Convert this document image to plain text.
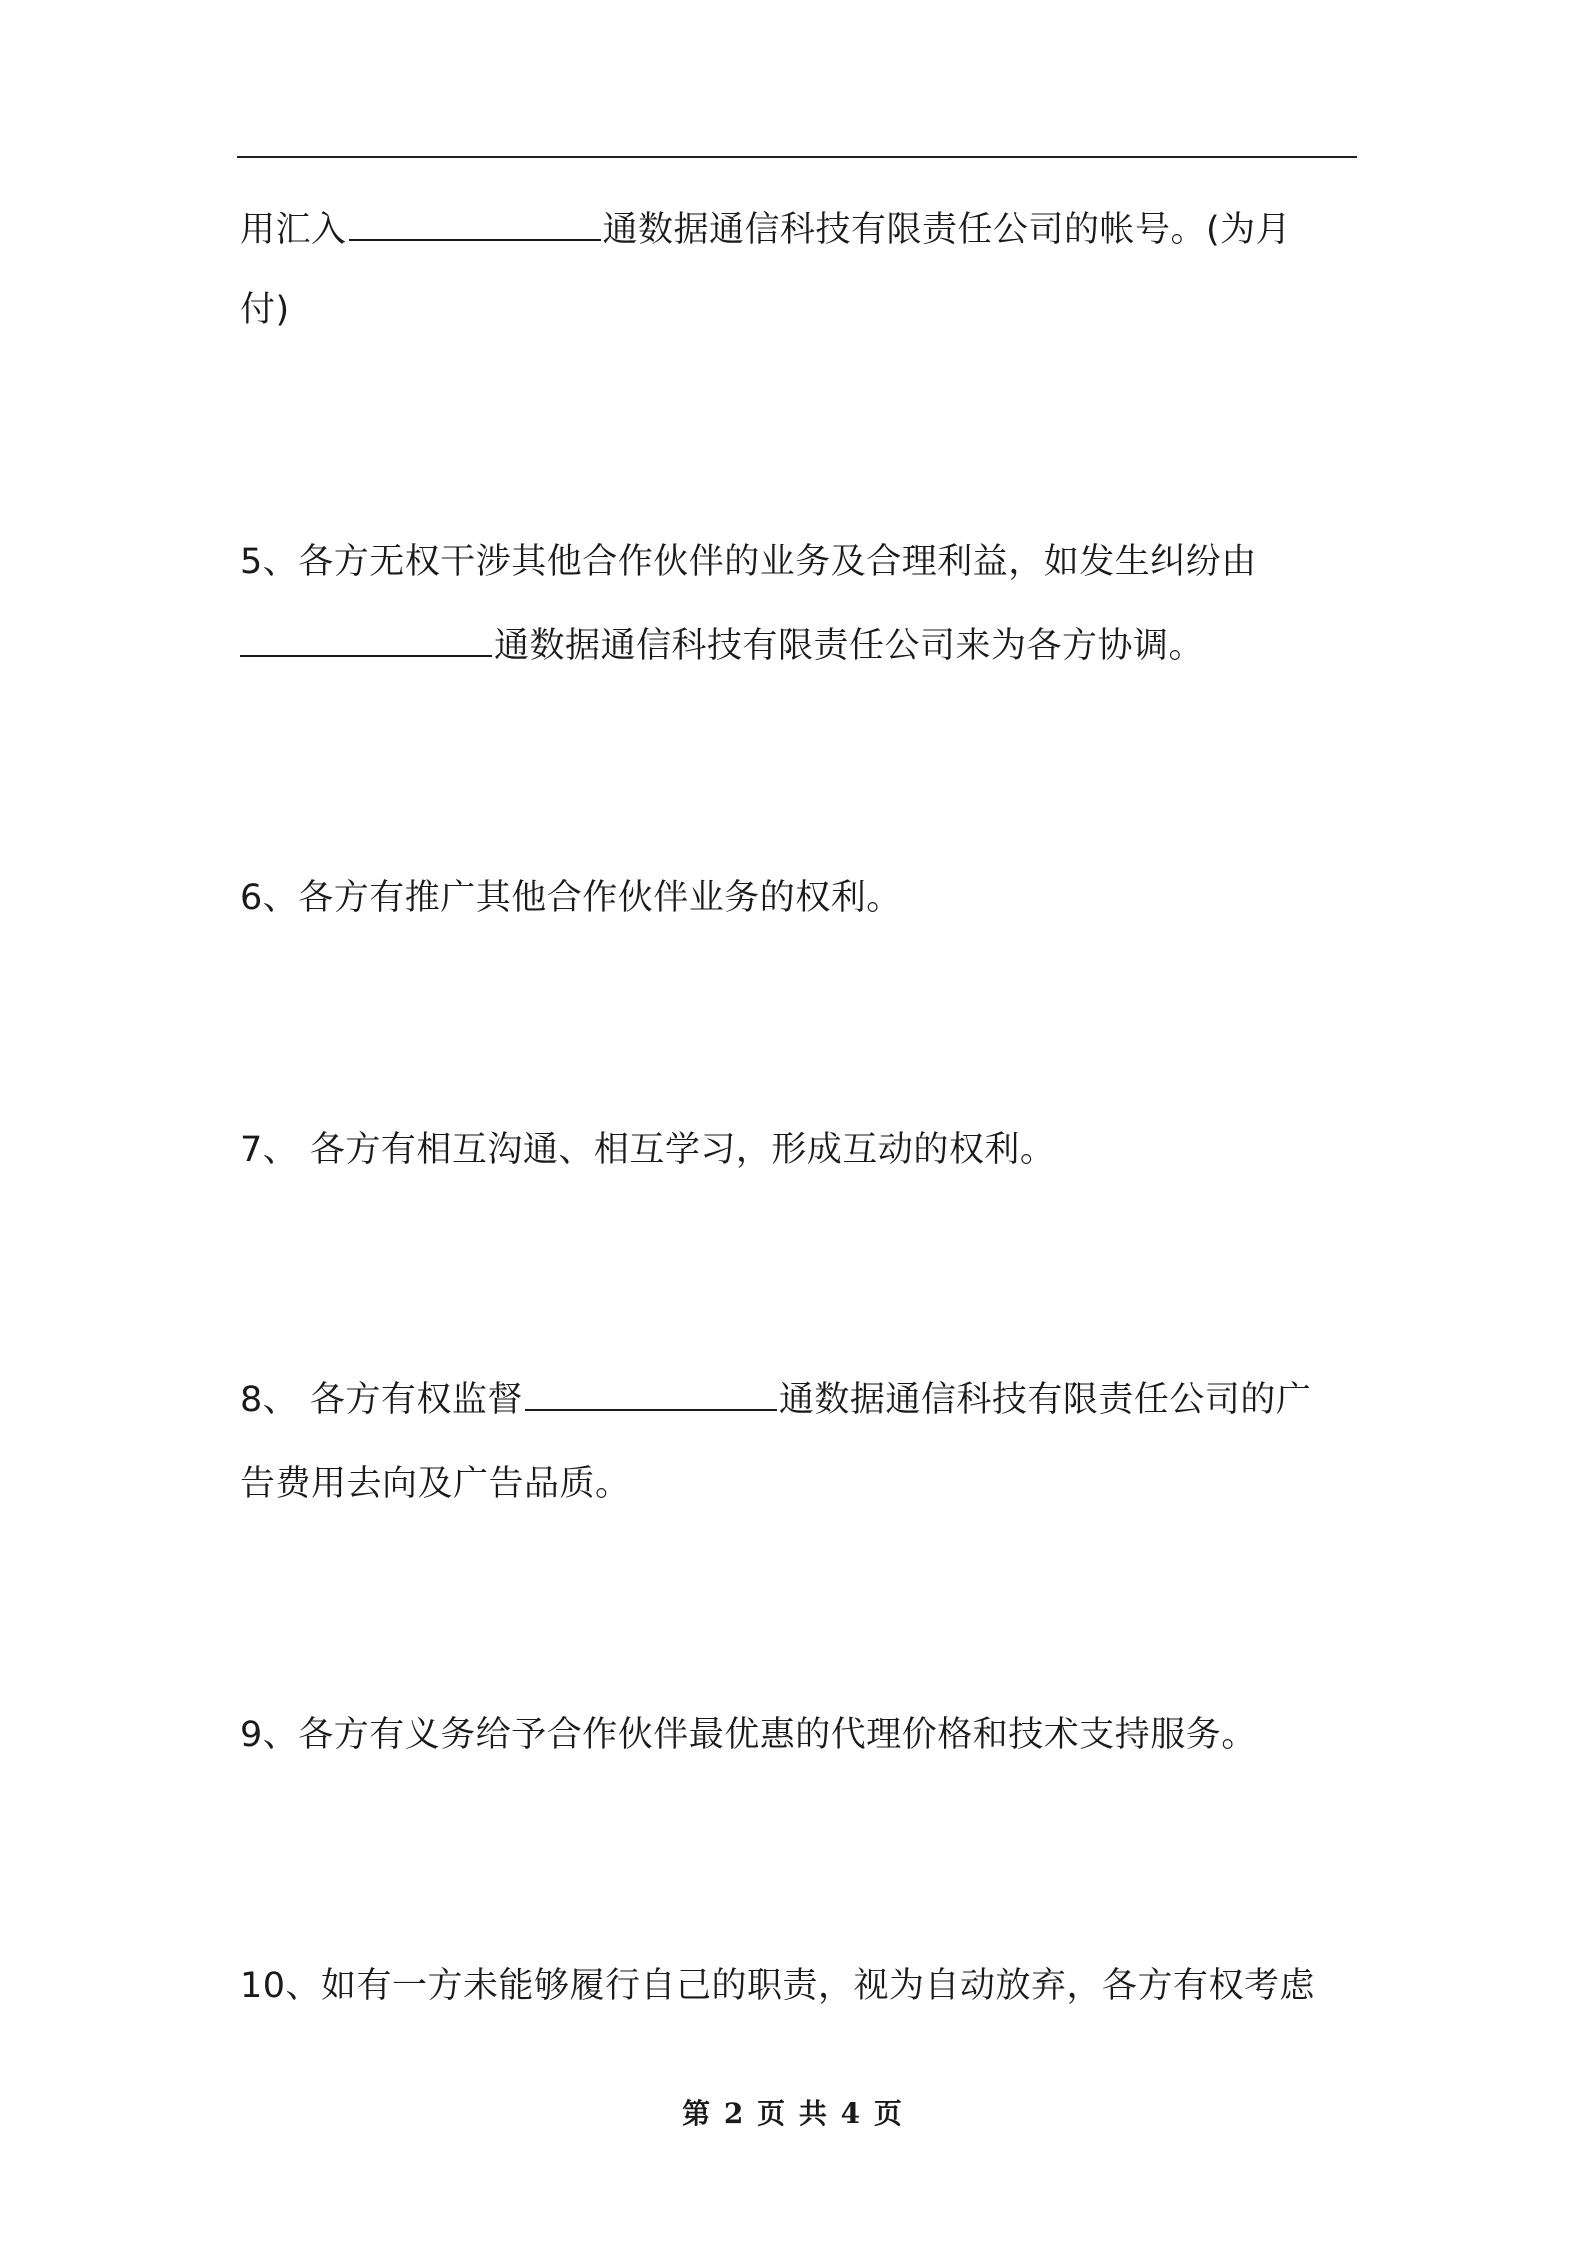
用汇入	通数据通信科技有限责任公司的帐号。(为月
付)
5、各方无权干涉其他合作伙伴的业务及合理利益，如发生纠纷由
通数据通信科技有限责任公司来为各方协调。
6、各方有推广其他合作伙伴业务的权利。
7、 各方有相互沟通、相互学习，形成互动的权利。
8、 各方有权监督	通数据通信科技有限责任公司的广
告费用去向及广告品质。
9、各方有义务给予合作伙伴最优惠的代理价格和技术支持服务。
10、如有一方未能够履行自己的职责，视为自动放弃，各方有权考虑
第 2 页 共 4 页
